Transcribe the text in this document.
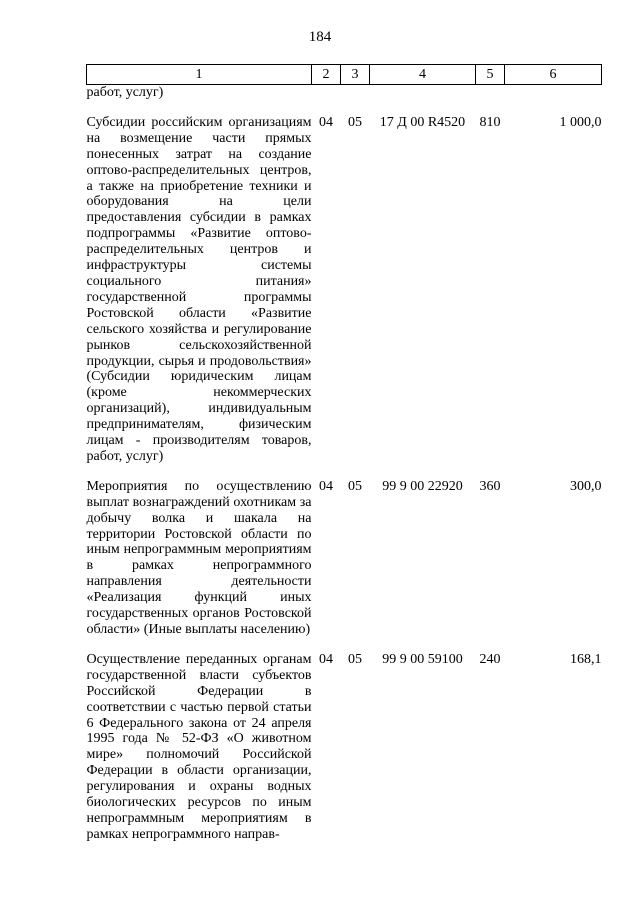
184
1	2	3	4	5	6
работ, услуг)					

Субсидии российским организациям на возмещение части прямых понесенных затрат на создание оптово-распределительных центров, а также на приобретение техники и оборудования на цели предоставления субсидии в рамках подпрограммы «Развитие оптово-распределительных центров и инфраструктуры системы социального питания» государственной программы Ростовской области «Развитие сельского хозяйства и регулирование рынков сельскохозяйственной продукции, сырья и продовольствия» (Субсидии юридическим лицам (кроме некоммерческих организаций), индивидуальным предпринимателям, физическим лицам - производителям товаров, работ, услуг)	04	05	17 Д 00 R4520	810	1 000,0

Мероприятия по осуществлению выплат вознаграждений охотникам за добычу волка и шакала на территории Ростовской области по иным непрограммным мероприятиям в рамках непрограммного направления деятельности «Реализация функций иных государственных органов Ростовской области» (Иные выплаты населению)	04	05	99 9 00 22920	360	300,0

Осуществление переданных органам государственной власти субъектов Российской Федерации в соответствии с частью первой статьи 6 Федерального закона от 24 апреля 1995 года № 52-ФЗ «О животном мире» полномочий Российской Федерации в области организации, регулирования и охраны водных биологических ресурсов по иным непрограммным мероприятиям в рамках непрограммного направ-	04	05	99 9 00 59100	240	168,1
